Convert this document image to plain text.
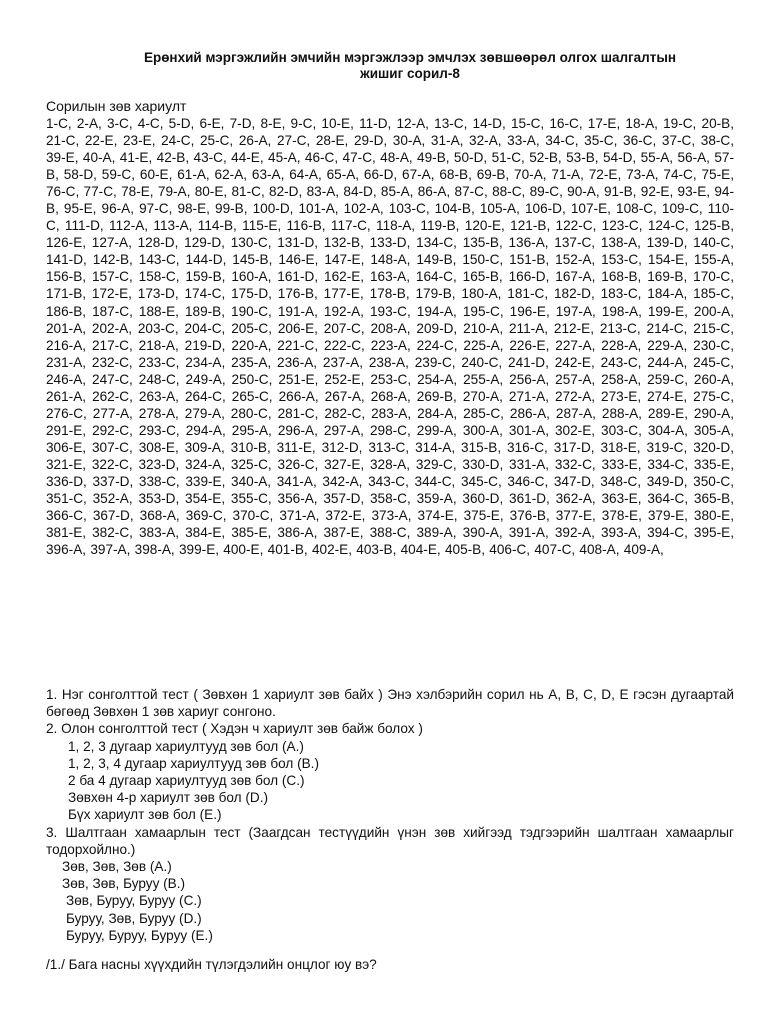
Ерөнхий мэргэжлийн эмчийн мэргэжлээр эмчлэх зөвшөөрөл олгох шалгалтын
жишиг сорил-8
Сорилын зөв хариулт
1-C, 2-A, 3-C, 4-C, 5-D, 6-E, 7-D, 8-E, 9-C, 10-E, 11-D, 12-A, 13-C, 14-D, 15-C, 16-C, 17-E, 18-A, 19-C, 20-B, 21-C, 22-E, 23-E, 24-C, 25-C, 26-A, 27-C, 28-E, 29-D, 30-A, 31-A, 32-A, 33-A, 34-C, 35-C, 36-C, 37-C, 38-C, 39-E, 40-A, 41-E, 42-B, 43-C, 44-E, 45-A, 46-C, 47-C, 48-A, 49-B, 50-D, 51-C, 52-B, 53-B, 54-D, 55-A, 56-A, 57-B, 58-D, 59-C, 60-E, 61-A, 62-A, 63-A, 64-A, 65-A, 66-D, 67-A, 68-B, 69-B, 70-A, 71-A, 72-E, 73-A, 74-C, 75-E, 76-C, 77-C, 78-E, 79-A, 80-E, 81-C, 82-D, 83-A, 84-D, 85-A, 86-A, 87-C, 88-C, 89-C, 90-A, 91-B, 92-E, 93-E, 94-B, 95-E, 96-A, 97-C, 98-E, 99-B, 100-D, 101-A, 102-A, 103-C, 104-B, 105-A, 106-D, 107-E, 108-C, 109-C, 110-C, 111-D, 112-A, 113-A, 114-B, 115-E, 116-B, 117-C, 118-A, 119-B, 120-E, 121-B, 122-C, 123-C, 124-C, 125-B, 126-E, 127-A, 128-D, 129-D, 130-C, 131-D, 132-B, 133-D, 134-C, 135-B, 136-A, 137-C, 138-A, 139-D, 140-C, 141-D, 142-B, 143-C, 144-D, 145-B, 146-E, 147-E, 148-A, 149-B, 150-C, 151-B, 152-A, 153-C, 154-E, 155-A, 156-B, 157-C, 158-C, 159-B, 160-A, 161-D, 162-E, 163-A, 164-C, 165-B, 166-D, 167-A, 168-B, 169-B, 170-C, 171-B, 172-E, 173-D, 174-C, 175-D, 176-B, 177-E, 178-B, 179-B, 180-A, 181-C, 182-D, 183-C, 184-A, 185-C, 186-B, 187-C, 188-E, 189-B, 190-C, 191-A, 192-A, 193-C, 194-A, 195-C, 196-E, 197-A, 198-A, 199-E, 200-A, 201-A, 202-A, 203-C, 204-C, 205-C, 206-E, 207-C, 208-A, 209-D, 210-A, 211-A, 212-E, 213-C, 214-C, 215-C, 216-A, 217-C, 218-A, 219-D, 220-A, 221-C, 222-C, 223-A, 224-C, 225-A, 226-E, 227-A, 228-A, 229-A, 230-C, 231-A, 232-C, 233-C, 234-A, 235-A, 236-A, 237-A, 238-A, 239-C, 240-C, 241-D, 242-E, 243-C, 244-A, 245-C, 246-A, 247-C, 248-C, 249-A, 250-C, 251-E, 252-E, 253-C, 254-A, 255-A, 256-A, 257-A, 258-A, 259-C, 260-A, 261-A, 262-C, 263-A, 264-C, 265-C, 266-A, 267-A, 268-A, 269-B, 270-A, 271-A, 272-A, 273-E, 274-E, 275-C, 276-C, 277-A, 278-A, 279-A, 280-C, 281-C, 282-C, 283-A, 284-A, 285-C, 286-A, 287-A, 288-A, 289-E, 290-A, 291-E, 292-C, 293-C, 294-A, 295-A, 296-A, 297-A, 298-C, 299-A, 300-A, 301-A, 302-E, 303-C, 304-A, 305-A, 306-E, 307-C, 308-E, 309-A, 310-B, 311-E, 312-D, 313-C, 314-A, 315-B, 316-C, 317-D, 318-E, 319-C, 320-D, 321-E, 322-C, 323-D, 324-A, 325-C, 326-C, 327-E, 328-A, 329-C, 330-D, 331-A, 332-C, 333-E, 334-C, 335-E, 336-D, 337-D, 338-C, 339-E, 340-A, 341-A, 342-A, 343-C, 344-C, 345-C, 346-C, 347-D, 348-C, 349-D, 350-C, 351-C, 352-A, 353-D, 354-E, 355-C, 356-A, 357-D, 358-C, 359-A, 360-D, 361-D, 362-A, 363-E, 364-C, 365-B, 366-C, 367-D, 368-A, 369-C, 370-C, 371-A, 372-E, 373-A, 374-E, 375-E, 376-B, 377-E, 378-E, 379-E, 380-E, 381-E, 382-C, 383-A, 384-E, 385-E, 386-A, 387-E, 388-C, 389-A, 390-A, 391-A, 392-A, 393-A, 394-C, 395-E, 396-A, 397-A, 398-A, 399-E, 400-E, 401-B, 402-E, 403-B, 404-E, 405-B, 406-C, 407-C, 408-A, 409-A,

1. Нэг сонголттой тест ( Зөвхөн 1 хариулт зөв байх ) Энэ хэлбэрийн сорил нь A, B, C, D, E гэсэн дугаартай бөгөөд Зөвхөн 1 зөв хариуг сонгоно.

2. Олон сонголттой тест ( Хэдэн ч хариулт зөв байж болох )

1, 2, 3 дугаар хариултууд зөв бол (A.)

1, 2, 3, 4 дугаар хариултууд зөв бол (B.)

2 ба 4 дугаар хариултууд зөв бол (C.)

Зөвхөн 4-р хариулт зөв бол (D.)

Бүх хариулт зөв бол (E.)

3. Шалтгаан хамаарлын тест (Заагдсан тестүүдийн үнэн зөв хийгээд тэдгээрийн шалтгаан хамаарлыг тодорхойлно.)

Зөв, Зөв, Зөв (A.)

Зөв, Зөв, Буруу (B.)

Зөв, Буруу, Буруу (C.)

Буруу, Зөв, Буруу (D.)

Буруу, Буруу, Буруу (E.)

/1./ Бага насны хүүхдийн түлэгдэлийн онцлог юу вэ?
